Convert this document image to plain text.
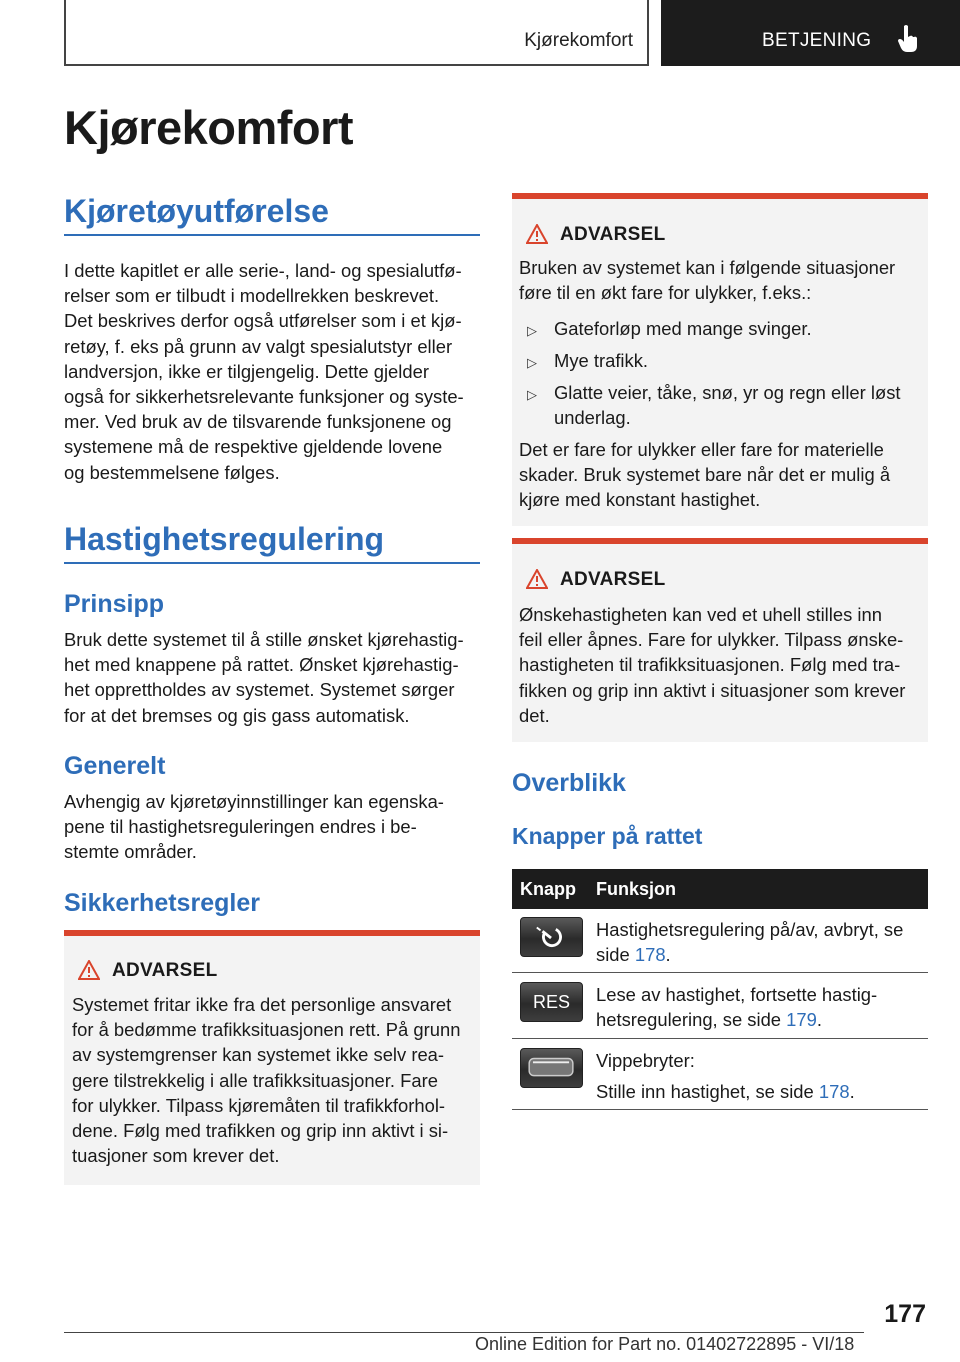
Kjørekomfort	BETJENING
Kjørekomfort
Kjøretøyutførelse
I dette kapitlet er alle serie-, land- og spesialutfø-
relser som er tilbudt i modellrekken beskrevet.
Det beskrives derfor også utførelser som i et kjø-
retøy, f. eks på grunn av valgt spesialutstyr eller
landversjon, ikke er tilgjengelig. Dette gjelder
også for sikkerhetsrelevante funksjoner og syste-
mer. Ved bruk av de tilsvarende funksjonene og
systemene må de respektive gjeldende lovene
og bestemmelsene følges.
Hastighetsregulering
Prinsipp
Bruk dette systemet til å stille ønsket kjørehastig-
het med knappene på rattet. Ønsket kjørehastig-
het opprettholdes av systemet. Systemet sørger
for at det bremses og gis gass automatisk.
Generelt
Avhengig av kjøretøyinnstillinger kan egenska-
pene til hastighetsreguleringen endres i be-
stemte områder.
Sikkerhetsregler
ADVARSEL
Systemet fritar ikke fra det personlige ansvaret
for å bedømme trafikksituasjonen rett. På grunn
av systemgrenser kan systemet ikke selv rea-
gere tilstrekkelig i alle trafikksituasjoner. Fare
for ulykker. Tilpass kjøremåten til trafikkforhol-
dene. Følg med trafikken og grip inn aktivt i si-
tuasjoner som krever det.
ADVARSEL
Bruken av systemet kan i følgende situasjoner
føre til en økt fare for ulykker, f.eks.:
▷ Gateforløp med mange svinger.
▷ Mye trafikk.
▷ Glatte veier, tåke, snø, yr og regn eller løst
underlag.
Det er fare for ulykker eller fare for materielle
skader. Bruk systemet bare når det er mulig å
kjøre med konstant hastighet.
ADVARSEL
Ønskehastigheten kan ved et uhell stilles inn
feil eller åpnes. Fare for ulykker. Tilpass ønske-
hastigheten til trafikksituasjonen. Følg med tra-
fikken og grip inn aktivt i situasjoner som krever
det.
Overblikk
Knapper på rattet
Knapp Funksjon
Hastighetsregulering på/av, avbryt, se
side 178.
RES	Lese av hastighet, fortsette hastig-
hetsregulering, se side 179.
Vippebryter:
Stille inn hastighet, se side 178.
177
Online Edition for Part no. 01402722895 - VI/18
